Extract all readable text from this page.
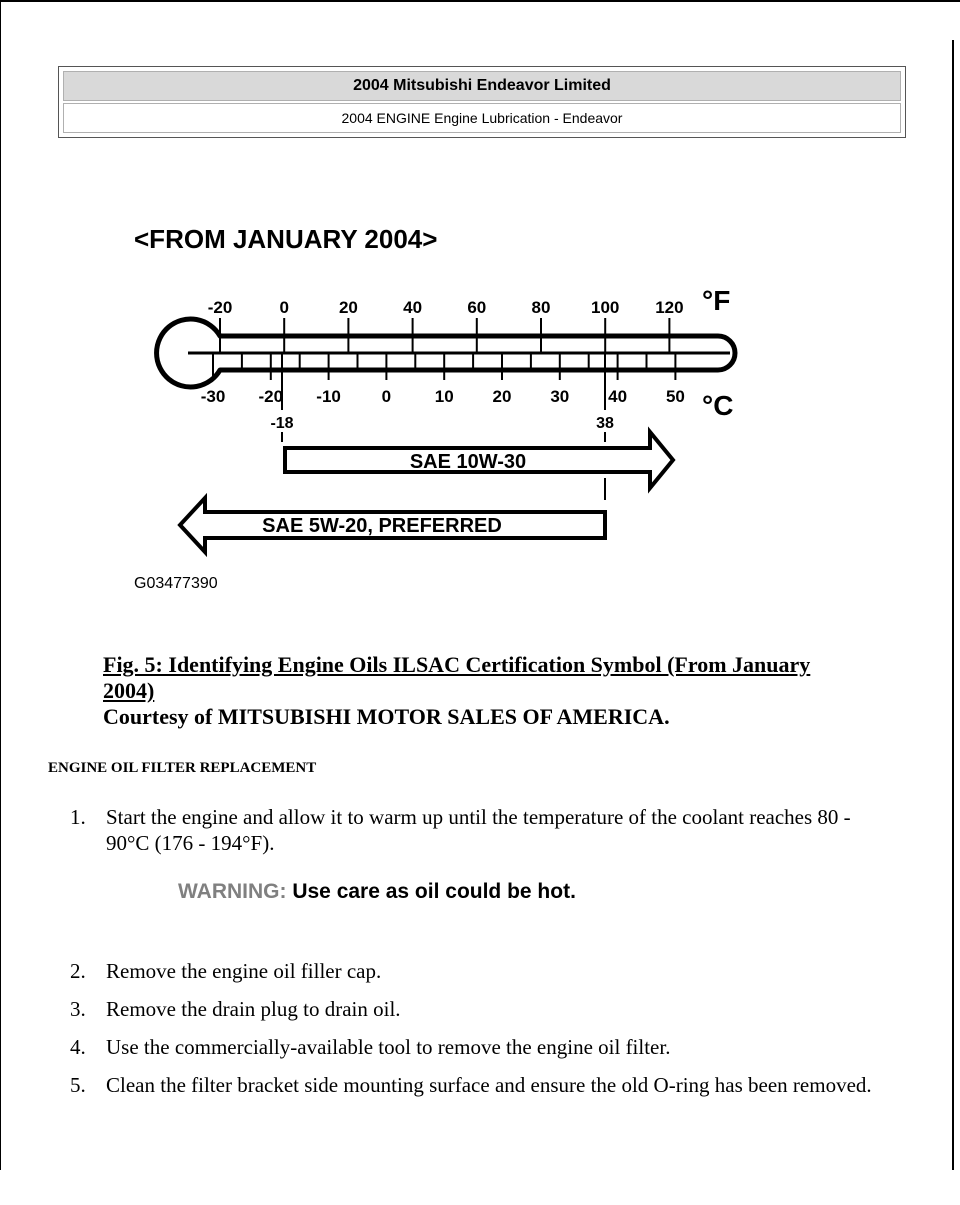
2004 Mitsubishi Endeavor Limited
2004 ENGINE Engine Lubrication - Endeavor
<FROM JANUARY 2004>
-20	0	20	40	60	80 100 120 °F
-30 -20 -10 0	10 20 30 40 50 °C
-18	38
SAE 10W-30
SAE 5W-20, PREFERRED
G03477390
Fig. 5: Identifying Engine Oils ILSAC Certification Symbol (From January 2004)
Courtesy of MITSUBISHI MOTOR SALES OF AMERICA.
ENGINE OIL FILTER REPLACEMENT

1. Start the engine and allow it to warm up until the temperature of the coolant reaches 80 - 90°C (176 - 194°F).

WARNING: Use care as oil could be hot.

2. Remove the engine oil filler cap.

3. Remove the drain plug to drain oil.

4. Use the commercially-available tool to remove the engine oil filter.

5. Clean the filter bracket side mounting surface and ensure the old O-ring has been removed.
